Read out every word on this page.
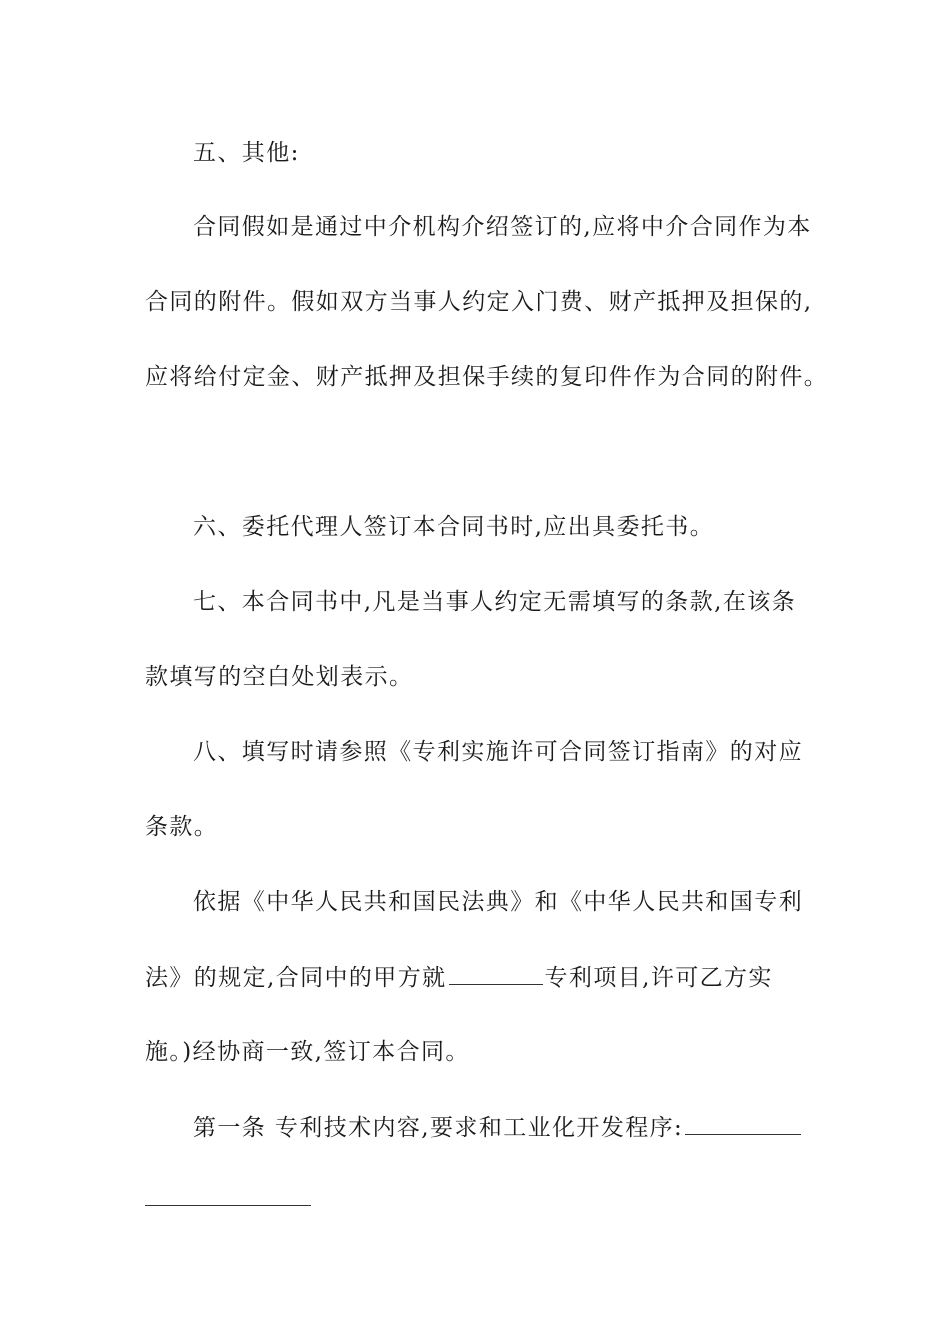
五、其他:
合同假如是通过中介机构介绍签订的,应将中介合同作为本
合同的附件。假如双方当事人约定入门费、财产抵押及担保的,
应将给付定金、财产抵押及担保手续的复印件作为合同的附件。
六、委托代理人签订本合同书时,应出具委托书。
七、本合同书中,凡是当事人约定无需填写的条款,在该条
款填写的空白处划表示。
八、填写时请参照《专利实施许可合同签订指南》的对应
条款。
依据《中华人民共和国民法典》和《中华人民共和国专利
法》的规定,合同中的甲方就	专利项目,许可乙方实
施。)经协商一致,签订本合同。
第一条 专利技术内容,要求和工业化开发程序:
